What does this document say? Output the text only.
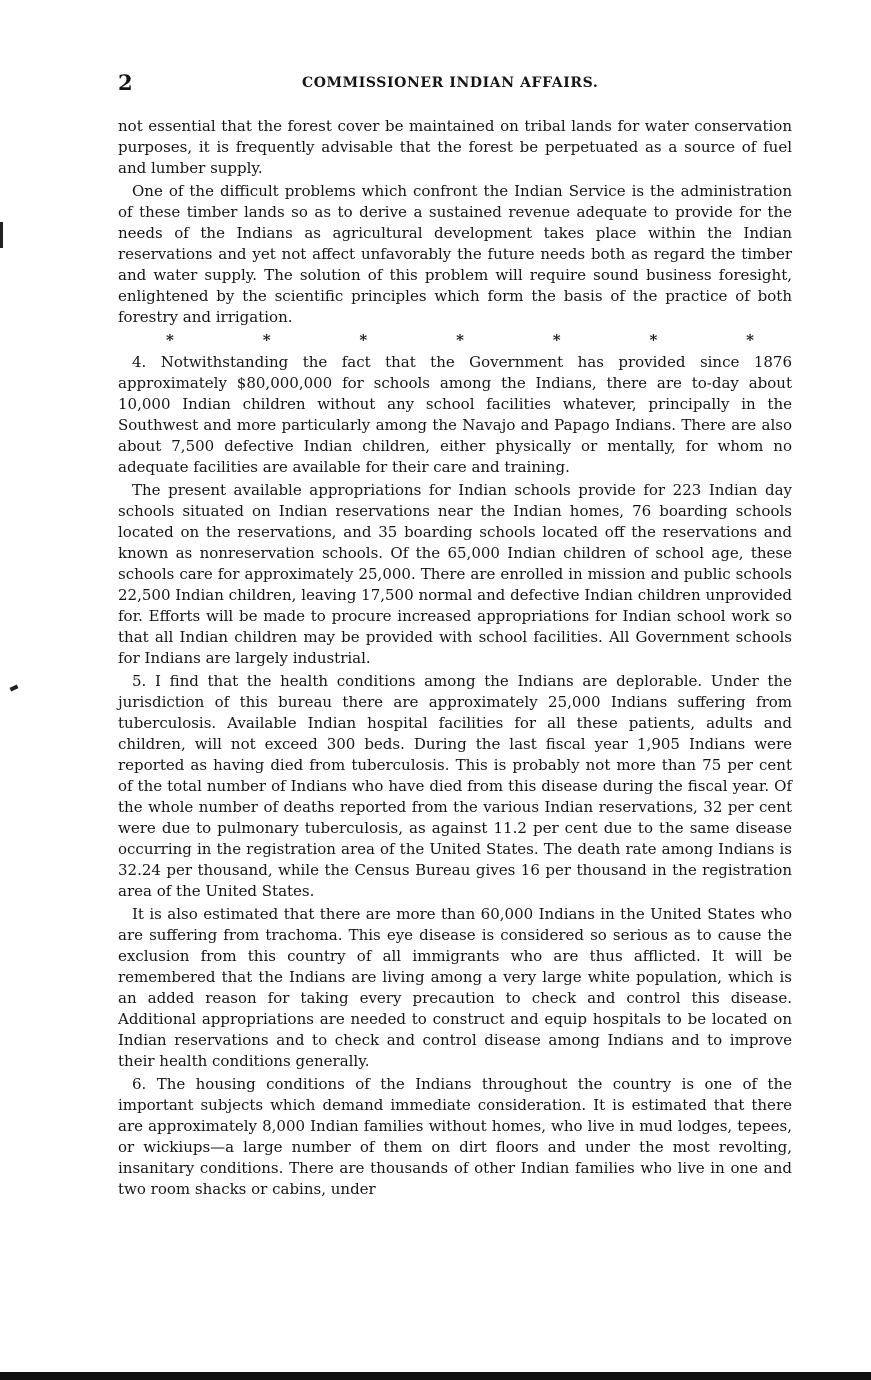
2	COMMISSIONER INDIAN AFFAIRS.

not essential that the forest cover be maintained on tribal lands for water conservation purposes, it is frequently advisable that the forest be perpetuated as a source of fuel and lumber supply.

One of the difficult problems which confront the Indian Service is the administration of these timber lands so as to derive a sustained revenue adequate to provide for the needs of the Indians as agricultural development takes place within the Indian reservations and yet not affect unfavorably the future needs both as regard the timber and water supply. The solution of this problem will require sound business foresight, enlightened by the scientific principles which form the basis of the practice of both forestry and irrigation.

*	*	*	*	*	*	*

4. Notwithstanding the fact that the Government has provided since 1876 approximately $80,000,000 for schools among the Indians, there are to-day about 10,000 Indian children without any school facilities whatever, principally in the Southwest and more particularly among the Navajo and Papago Indians. There are also about 7,500 defective Indian children, either physically or mentally, for whom no adequate facilities are available for their care and training.

The present available appropriations for Indian schools provide for 223 Indian day schools situated on Indian reservations near the Indian homes, 76 boarding schools located on the reservations, and 35 boarding schools located off the reservations and known as nonreservation schools. Of the 65,000 Indian children of school age, these schools care for approximately 25,000. There are enrolled in mission and public schools 22,500 Indian children, leaving 17,500 normal and defective Indian children unprovided for. Efforts will be made to procure increased appropriations for Indian school work so that all Indian children may be provided with school facilities. All Government schools for Indians are largely industrial.

5. I find that the health conditions among the Indians are deplorable. Under the jurisdiction of this bureau there are approximately 25,000 Indians suffering from tuberculosis. Available Indian hospital facilities for all these patients, adults and children, will not exceed 300 beds. During the last fiscal year 1,905 Indians were reported as having died from tuberculosis. This is probably not more than 75 per cent of the total number of Indians who have died from this disease during the fiscal year. Of the whole number of deaths reported from the various Indian reservations, 32 per cent were due to pulmonary tuberculosis, as against 11.2 per cent due to the same disease occurring in the registration area of the United States. The death rate among Indians is 32.24 per thousand, while the Census Bureau gives 16 per thousand in the registration area of the United States.

It is also estimated that there are more than 60,000 Indians in the United States who are suffering from trachoma. This eye disease is considered so serious as to cause the exclusion from this country of all immigrants who are thus afflicted. It will be remembered that the Indians are living among a very large white population, which is an added reason for taking every precaution to check and control this disease. Additional appropriations are needed to construct and equip hospitals to be located on Indian reservations and to check and control disease among Indians and to improve their health conditions generally.

6. The housing conditions of the Indians throughout the country is one of the important subjects which demand immediate consideration. It is estimated that there are approximately 8,000 Indian families without homes, who live in mud lodges, tepees, or wickiups—a large number of them on dirt floors and under the most revolting, insanitary conditions. There are thousands of other Indian families who live in one and two room shacks or cabins, under
